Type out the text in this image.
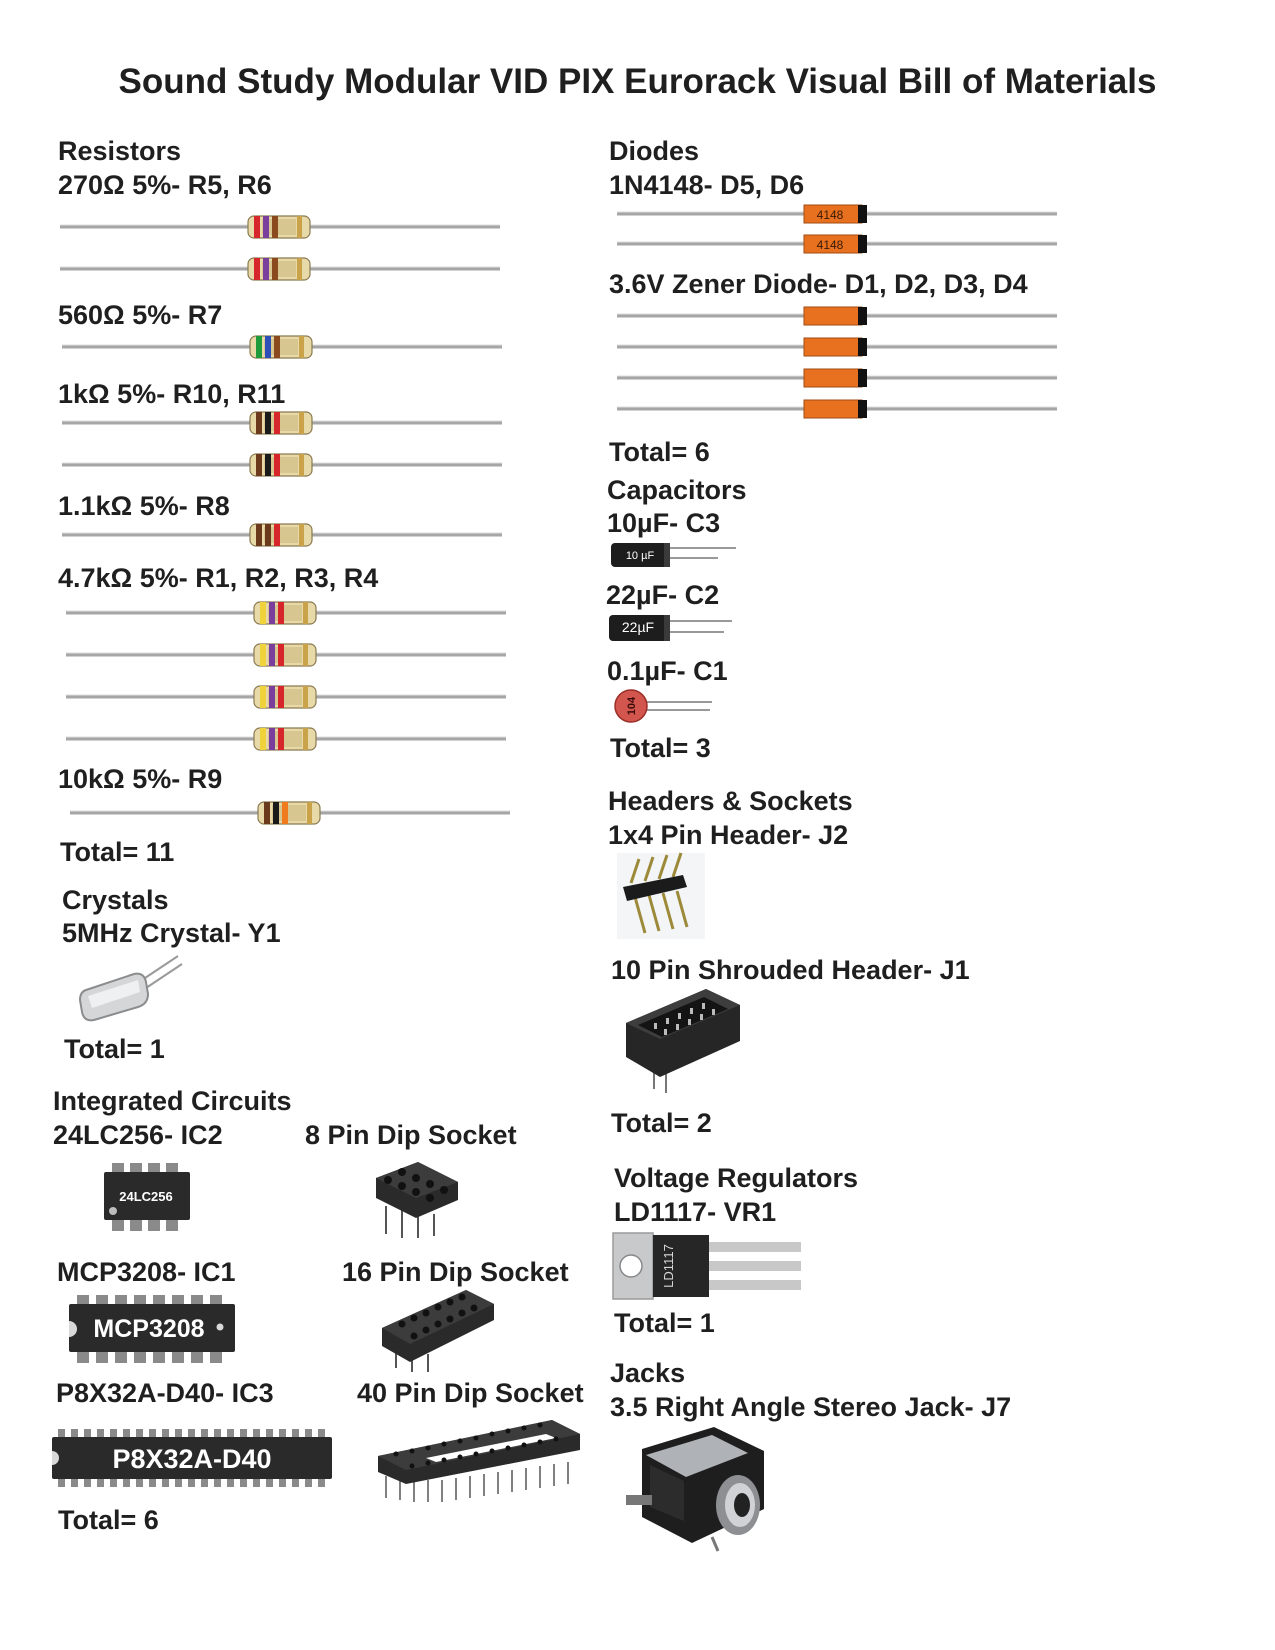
Sound Study Modular VID PIX Eurorack Visual Bill of Materials
Resistors
270Ω 5%- R5, R6
560Ω 5%- R7
1kΩ 5%- R10, R11
1.1kΩ 5%- R8
4.7kΩ 5%- R1, R2, R3, R4
10kΩ 5%- R9
Total= 11
Crystals
5MHz Crystal- Y1
Total= 1
Integrated Circuits
24LC256- IC2	8 Pin Dip Socket
24LC256
MCP3208- IC1	16 Pin Dip Socket
MCP3208
P8X32A-D40- IC3	40 Pin Dip Socket
P8X32A-D40
Total= 6
Diodes
1N4148- D5, D6
4148
4148
3.6V Zener Diode- D1, D2, D3, D4
Total= 6
Capacitors
10µF- C3
10 µF
22µF- C2
22µF
0.1µF- C1
104
Total= 3
Headers & Sockets
1x4 Pin Header- J2
10 Pin Shrouded Header- J1
Total= 2
Voltage Regulators
LD1117- VR1
LD1117
Total= 1
Jacks
3.5 Right Angle Stereo Jack- J7
